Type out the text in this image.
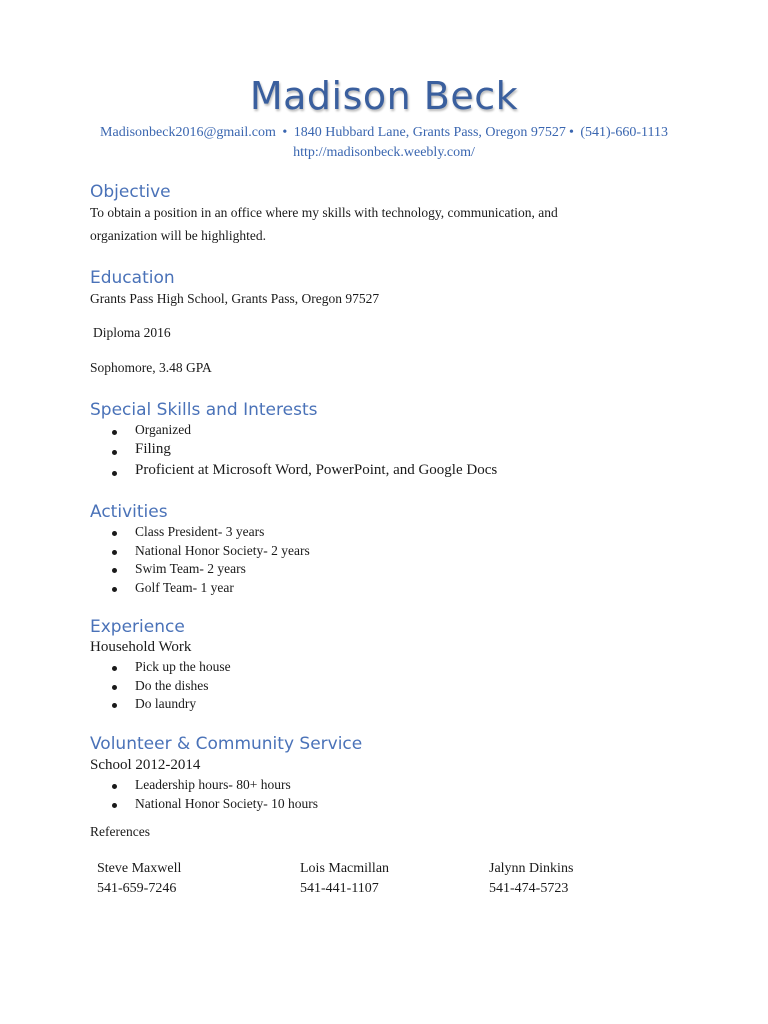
Madison Beck
Madisonbeck2016@gmail.com • 1840 Hubbard Lane, Grants Pass, Oregon 97527 • (541)-660-1113
http://madisonbeck.weebly.com/
Objective
To obtain a position in an office where my skills with technology, communication, and
organization will be highlighted.
Education
Grants Pass High School, Grants Pass, Oregon 97527
Diploma 2016
Sophomore, 3.48 GPA
Special Skills and Interests
Organized
Filing
Proficient at Microsoft Word, PowerPoint, and Google Docs
Activities
Class President- 3 years
National Honor Society- 2 years
Swim Team- 2 years
Golf Team- 1 year
Experience
Household Work
Pick up the house
Do the dishes
Do laundry
Volunteer & Community Service
School 2012-2014
Leadership hours- 80+ hours
National Honor Society- 10 hours
References
Steve Maxwell
541-659-7246
Lois Macmillan
541-441-1107
Jalynn Dinkins
541-474-5723
